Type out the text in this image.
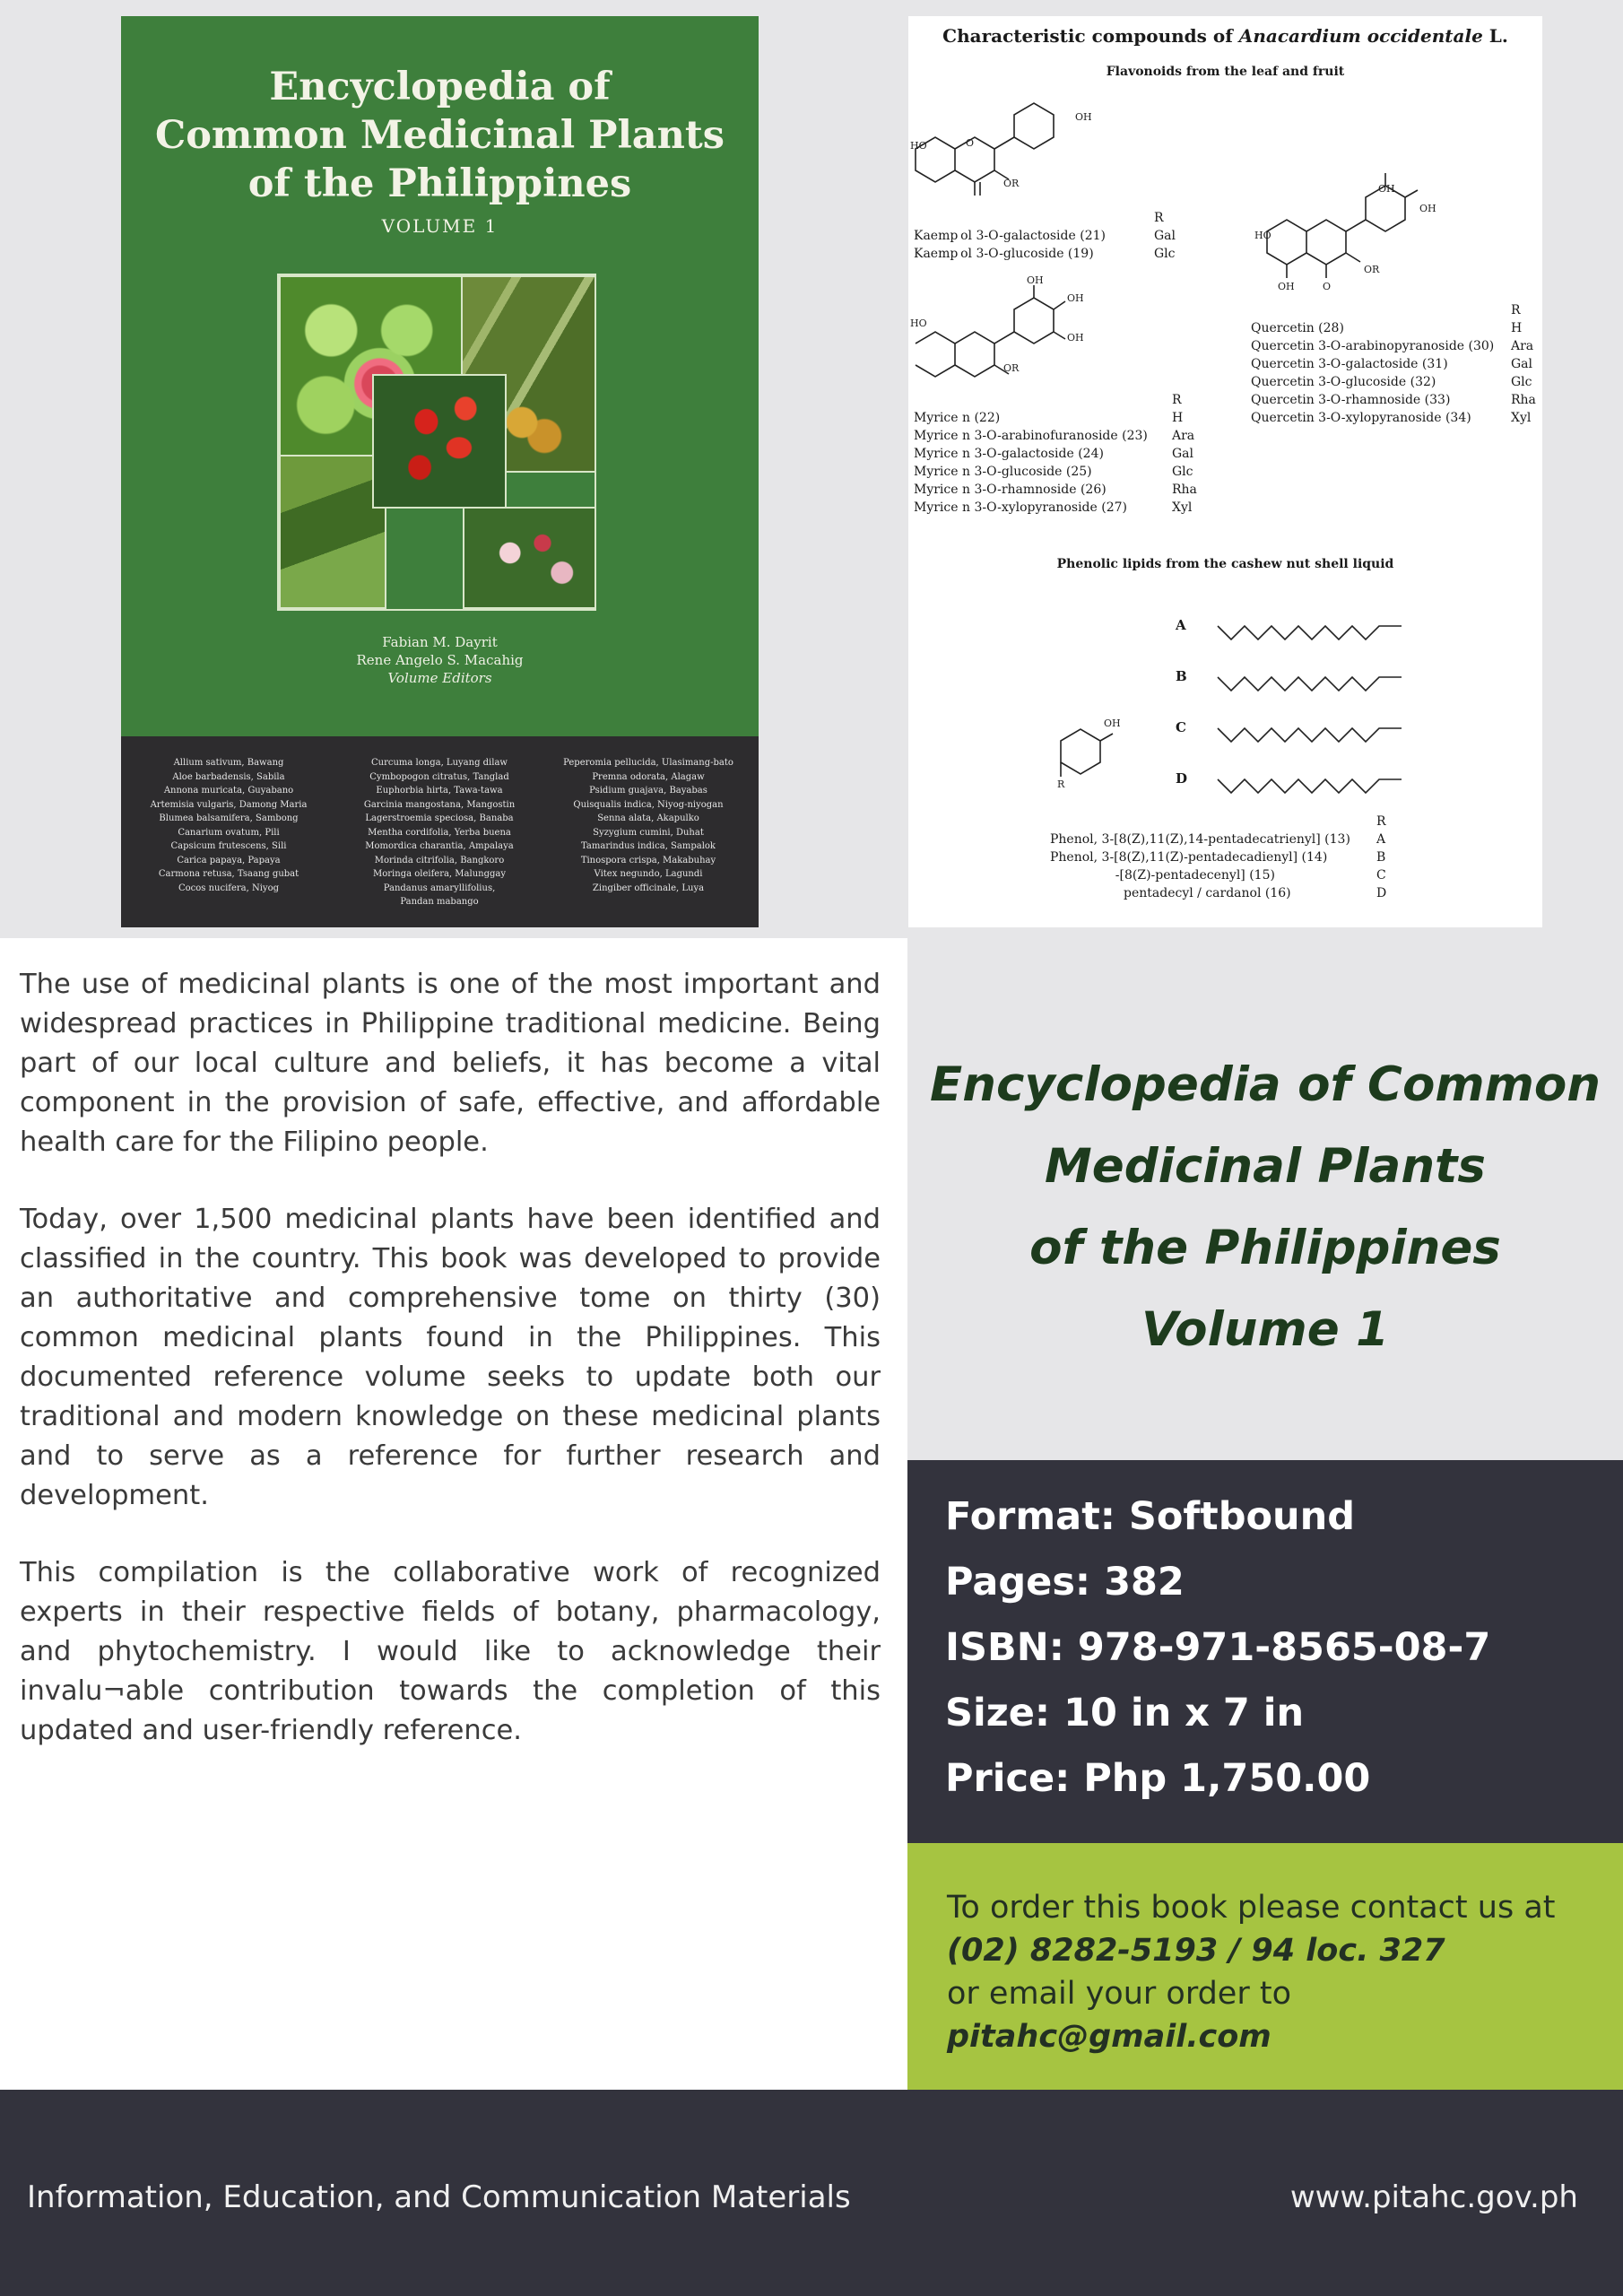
Encyclopedia of
Common Medicinal Plants
of the Philippines
VOLUME 1
Fabian M. Dayrit
Rene Angelo S. Macahig
Volume Editors
Allium sativum, Bawang
Aloe barbadensis, Sabila
Annona muricata, Guyabano
Artemisia vulgaris, Damong Maria
Blumea balsamifera, Sambong
Canarium ovatum, Pili
Capsicum frutescens, Sili
Carica papaya, Papaya
Carmona retusa, Tsaang gubat
Cocos nucifera, Niyog
Curcuma longa, Luyang dilaw
Cymbopogon citratus, Tanglad
Euphorbia hirta, Tawa-tawa
Garcinia mangostana, Mangostin
Lagerstroemia speciosa, Banaba
Mentha cordifolia, Yerba buena
Momordica charantia, Ampalaya
Morinda citrifolia, Bangkoro
Moringa oleifera, Malunggay
Pandanus amaryllifolius,
Pandan mabango
Peperomia pellucida, Ulasimang-bato
Premna odorata, Alagaw
Psidium guajava, Bayabas
Quisqualis indica, Niyog-niyogan
Senna alata, Akapulko
Syzygium cumini, Duhat
Tamarindus indica, Sampalok
Tinospora crispa, Makabuhay
Vitex negundo, Lagundi
Zingiber officinale, Luya
HO
OR
O
OH
HO
OR
OH
OH
OH
HO
OR
OH
OH
OH	O
OH
R
Characteristic compounds of Anacardium occidentale L.
Flavonoids from the leaf and fruit
Kaemp ol 3-O-galactoside (21)
Kaemp ol 3-O-glucoside (19)
R
Gal
Glc
Quercetin (28)
Quercetin 3-O-arabinopyranoside (30)
Quercetin 3-O-galactoside (31)
Quercetin 3-O-glucoside (32)
Quercetin 3-O-rhamnoside (33)
Quercetin 3-O-xylopyranoside (34)
R
H
Ara
Gal
Glc
Rha
Xyl
Myrice n (22)
Myrice n 3-O-arabinofuranoside (23)
Myrice n 3-O-galactoside (24)
Myrice n 3-O-glucoside (25)
Myrice n 3-O-rhamnoside (26)
Myrice n 3-O-xylopyranoside (27)
R
H
Ara
Gal
Glc
Rha
Xyl
Phenolic lipids from the cashew nut shell liquid
A
B
C
D
Phenol, 3-[8(Z),11(Z),14-pentadecatrienyl] (13)
Phenol, 3-[8(Z),11(Z)-pentadecadienyl] (14)
 -[8(Z)-pentadecenyl] (15)
pentadecyl / cardanol (16)
R
A
B
C
D

The use of medicinal plants is one of the most important and widespread practices in Philippine traditional medicine. Being part of our local culture and beliefs, it has become a vital component in the provision of safe, effective, and affordable health care for the Filipino people.

Today, over 1,500 medicinal plants have been identified and classified in the country. This book was developed to provide an authoritative and comprehensive tome on thirty (30) common medicinal plants found in the Philippines. This documented reference volume seeks to update both our traditional and modern knowledge on these medicinal plants and to serve as a reference for further research and development.

This compilation is the collaborative work of recognized experts in their respective fields of botany, pharmacology, and phytochemistry. I would like to acknowledge their invalu¬able contribution towards the completion of this updated and user-friendly reference.

Encyclopedia of Common
Medicinal Plants
of the Philippines
Volume 1
Format: Softbound
Pages: 382
ISBN: 978-971-8565-08-7
Size: 10 in x 7 in
Price: Php 1,750.00
To order this book please contact us at
(02) 8282-5193 / 94 loc. 327
or email your order to
pitahc@gmail.com
Information, Education, and Communication Materials	www.pitahc.gov.ph
